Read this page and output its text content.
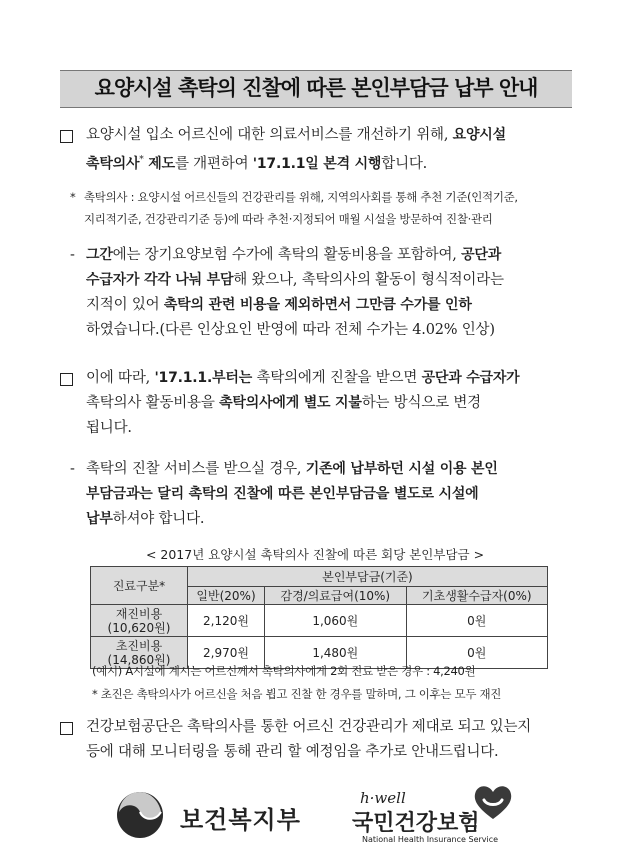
요양시설 촉탁의 진찰에 따른 본인부담금 납부 안내
요양시설 입소 어르신에 대한 의료서비스를 개선하기 위해, 요양시설
촉탁의사* 제도를 개편하여 '17.1.1일 본격 시행합니다.
* 촉탁의사 : 요양시설 어르신들의 건강관리를 위해, 지역의사회를 통해 추천 기준(인적기준,
지리적기준, 건강관리기준 등)에 따라 추천·지정되어 매월 시설을 방문하여 진찰·관리
- 그간에는 장기요양보험 수가에 촉탁의 활동비용을 포함하여, 공단과
수급자가 각각 나눠 부담해 왔으나, 촉탁의사의 활동이 형식적이라는
지적이 있어 촉탁의 관련 비용을 제외하면서 그만큼 수가를 인하
하였습니다.(다른 인상요인 반영에 따라 전체 수가는 4.02% 인상)
이에 따라, '17.1.1.부터는 촉탁의에게 진찰을 받으면 공단과 수급자가
촉탁의사 활동비용을 촉탁의사에게 별도 지불하는 방식으로 변경
됩니다.
- 촉탁의 진찰 서비스를 받으실 경우, 기존에 납부하던 시설 이용 본인
부담금과는 달리 촉탁의 진찰에 따른 본인부담금을 별도로 시설에
납부하셔야 합니다.
< 2017년 요양시설 촉탁의사 진찰에 따른 회당 본인부담금 >
진료구분*	본인부담금(기준)		
	일반(20%)	감경/의료급여(10%)	기초생활수급자(0%)
재진비용
(10,620원)	2,120원	1,060원	0원
초진비용
(14,860원)	2,970원	1,480원	0원
(예시) A시설에 계시는 어르신께서 촉탁의사에게 2회 진료 받은 경우 : 4,240원
* 초진은 촉탁의사가 어르신을 처음 뵙고 진찰 한 경우를 말하며, 그 이후는 모두 재진
건강보험공단은 촉탁의사를 통한 어르신 건강관리가 제대로 되고 있는지
등에 대해 모니터링을 통해 관리 할 예정임을 추가로 안내드립니다.
보건복지부
h·well
국민건강보험
National Health Insurance Service
